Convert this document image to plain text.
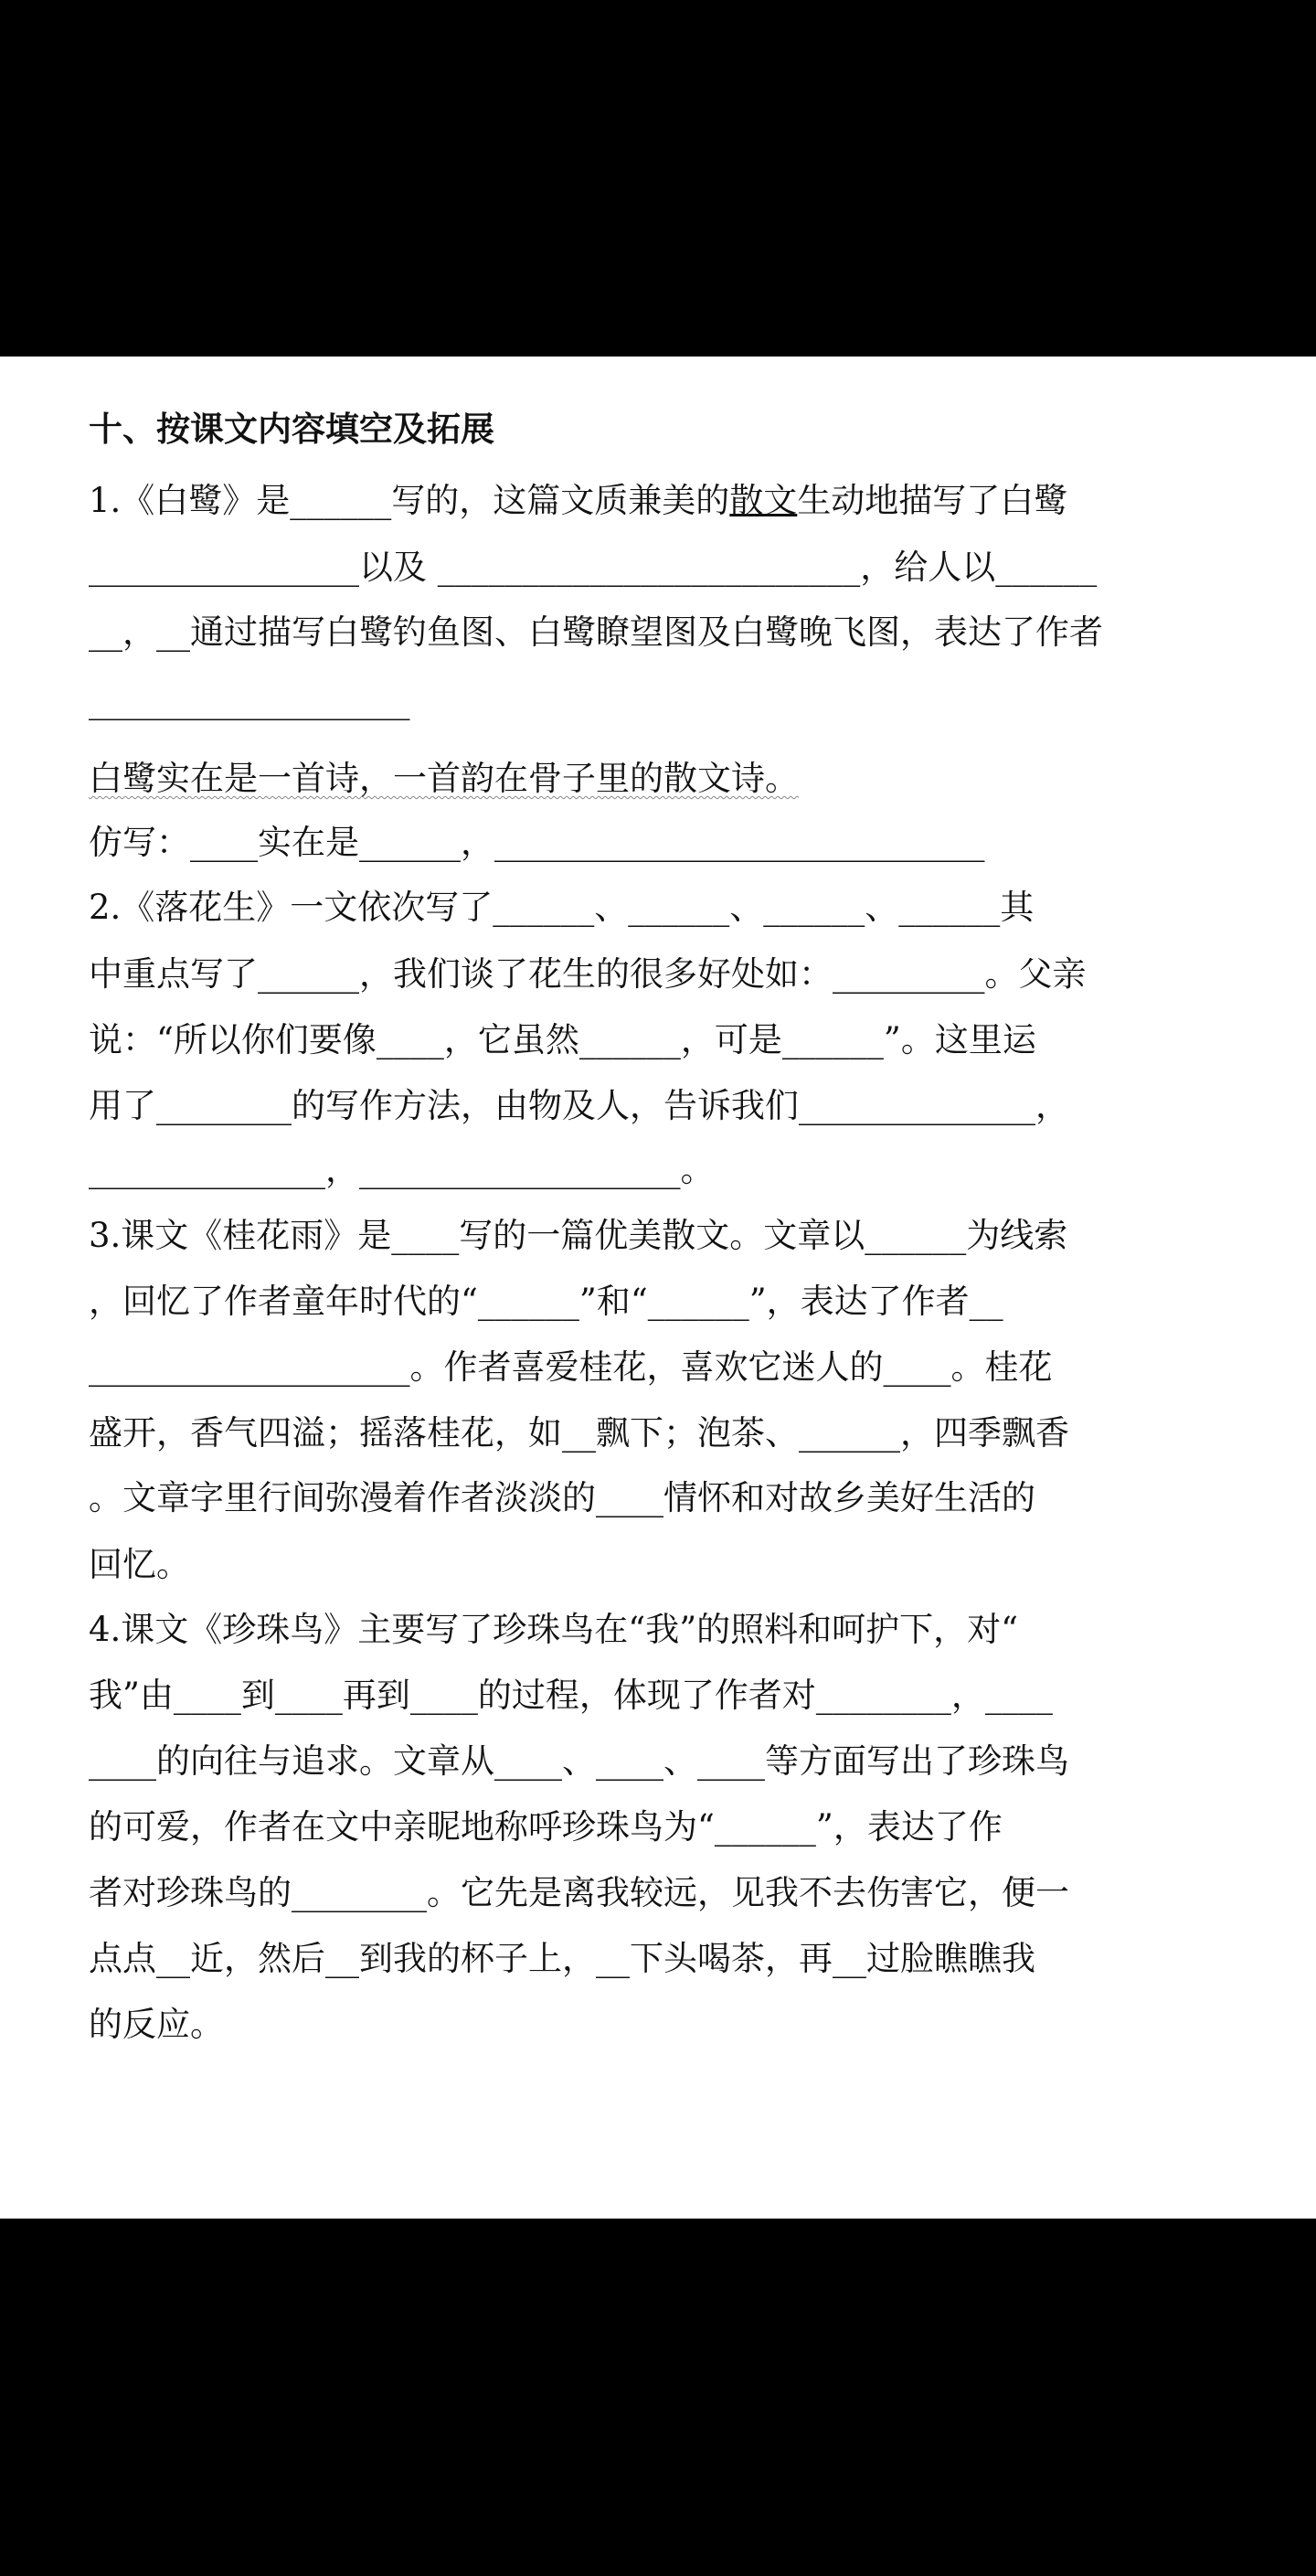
十、按课文内容填空及拓展
1.《白鹭》是______写的，这篇文质兼美的散文生动地描写了白鹭
________________以及 _________________________，给人以______
__，__通过描写白鹭钓鱼图、白鹭瞭望图及白鹭晚飞图，表达了作者
___________________
白鹭实在是一首诗，一首韵在骨子里的散文诗。
仿写：____实在是______，_____________________________
2.《落花生》一文依次写了______、______、______、______其
中重点写了______，我们谈了花生的很多好处如：_________。父亲
说：“所以你们要像____，它虽然______，可是______”。这里运
用了________的写作方法，由物及人，告诉我们______________，
______________，___________________。
3.课文《桂花雨》是____写的一篇优美散文。文章以______为线索
，回忆了作者童年时代的“______”和“______”，表达了作者__
___________________。作者喜爱桂花，喜欢它迷人的____。桂花
盛开，香气四溢；摇落桂花，如__飘下；泡茶、______，四季飘香
。文章字里行间弥漫着作者淡淡的____情怀和对故乡美好生活的
回忆。
4.课文《珍珠鸟》主要写了珍珠鸟在“我”的照料和呵护下，对“
我”由____到____再到____的过程，体现了作者对________，____
____的向往与追求。文章从____、____、____等方面写出了珍珠鸟
的可爱，作者在文中亲昵地称呼珍珠鸟为“______”，表达了作
者对珍珠鸟的________。它先是离我较远，见我不去伤害它，便一
点点__近，然后__到我的杯子上，__下头喝茶，再__过脸瞧瞧我
的反应。
